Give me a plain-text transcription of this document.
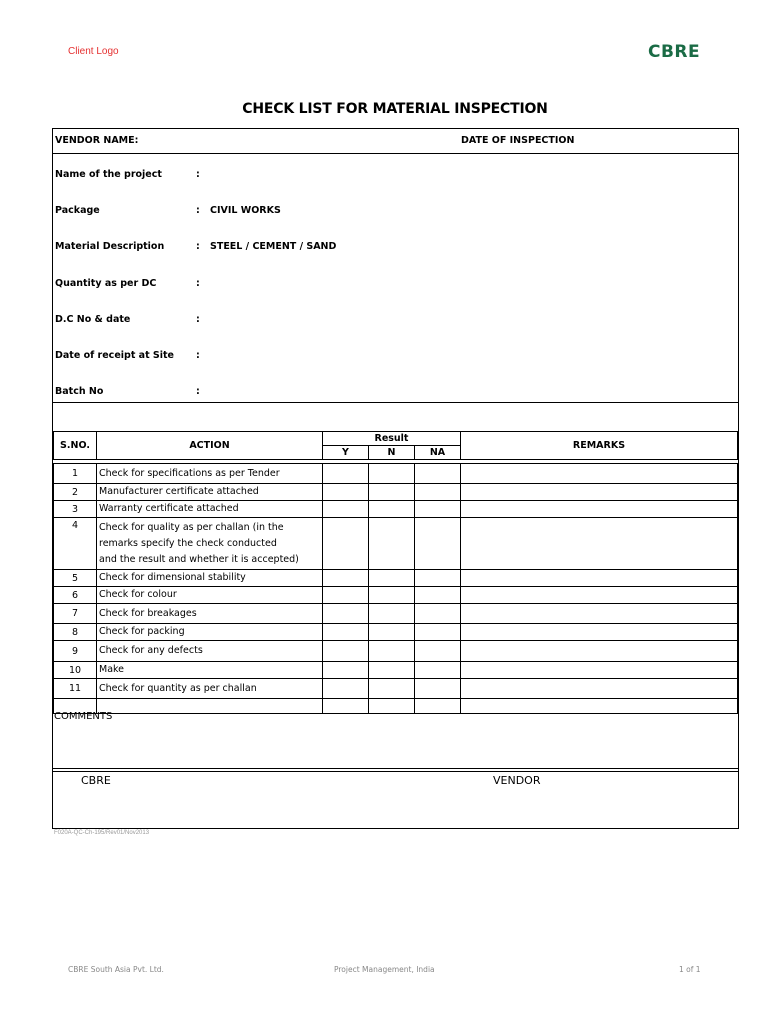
Client Logo	CBRE
CHECK LIST FOR MATERIAL INSPECTION
VENDOR NAME:	DATE OF INSPECTION
Name of the project	:
Package	: CIVIL WORKS
Material Description	: STEEL / CEMENT / SAND
Quantity as per DC	:
D.C No & date	:
Date of receipt at Site :
Batch No	:
S.NO.	ACTION	Result			REMARKS
		Y	N	NA	

1	Check for specifications as per Tender				
2	Manufacturer certificate attached				
3	Warranty certificate attached				
4	Check for quality as per challan (in the
remarks specify the check conducted
and the result and whether it is accepted)				

5	Check for dimensional stability				
6	Check for colour				
7	Check for breakages				
8	Check for packing				
9	Check for any defects				
10	Make				
11	Check for quantity as per challan				

COMMENTS
CBRE	VENDOR
F020A-QC-Ch-195/Rev01/Nov2013
CBRE South Asia Pvt. Ltd.	Project Management, India	1 of 1
